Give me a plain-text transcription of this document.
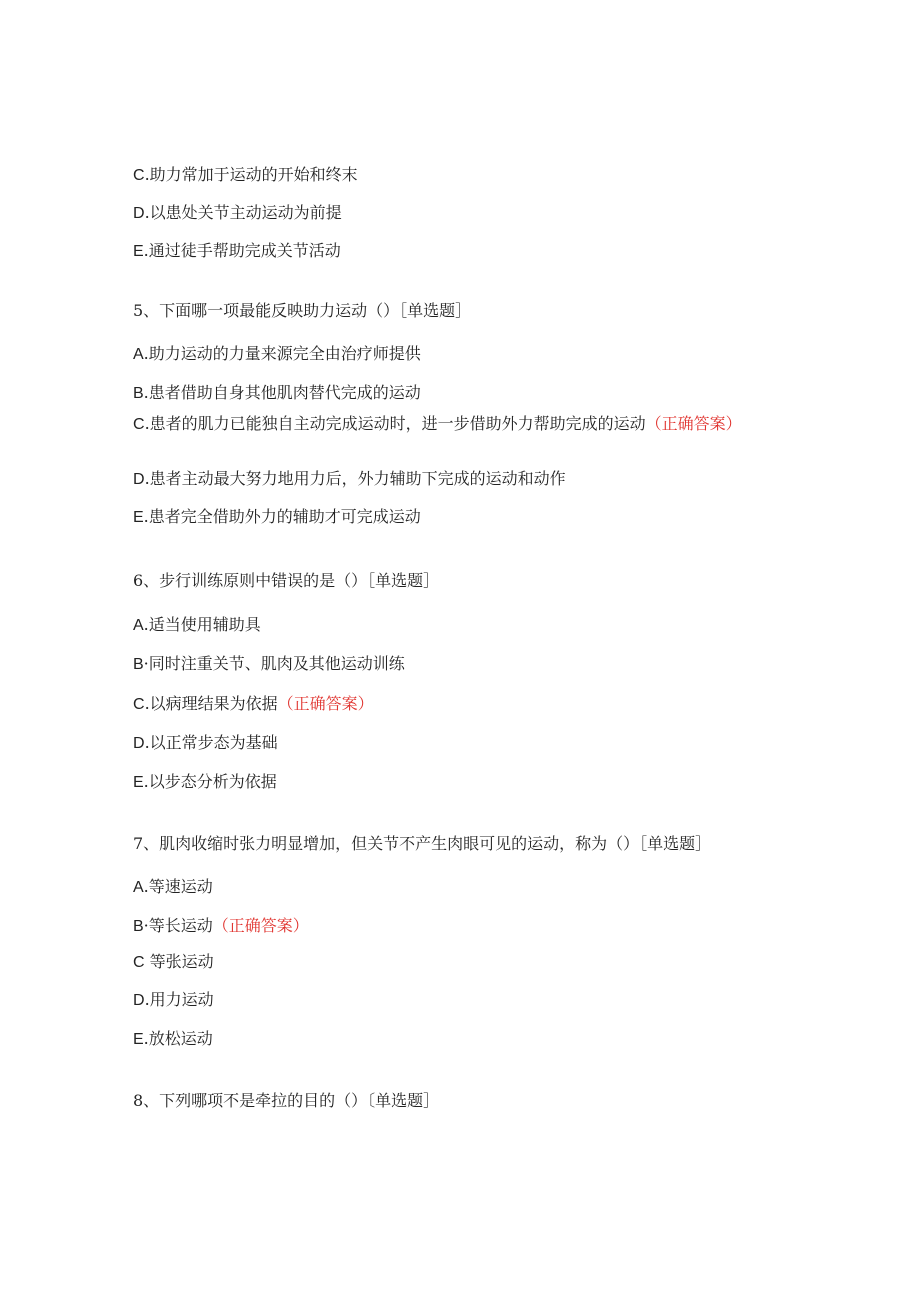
C.助力常加于运动的开始和终末
D.以患处关节主动运动为前提
E.通过徒手帮助完成关节活动
5、下面哪一项最能反映助力运动（）［单选题］
A.助力运动的力量来源完全由治疗师提供
B.患者借助自身其他肌肉替代完成的运动
C.患者的肌力已能独自主动完成运动时，进一步借助外力帮助完成的运动（正确答案）
D.患者主动最大努力地用力后，外力辅助下完成的运动和动作
E.患者完全借助外力的辅助才可完成运动
6、步行训练原则中错误的是（）［单选题］
A.适当使用辅助具
B·同时注重关节、肌肉及其他运动训练
C.以病理结果为依据（正确答案）
D.以正常步态为基础
E.以步态分析为依据
7、肌肉收缩时张力明显增加，但关节不产生肉眼可见的运动，称为（）［单选题］
A.等速运动
B·等长运动（正确答案）
C 等张运动
D.用力运动
E.放松运动
8、下列哪项不是牵拉的目的（）〔单选题］
